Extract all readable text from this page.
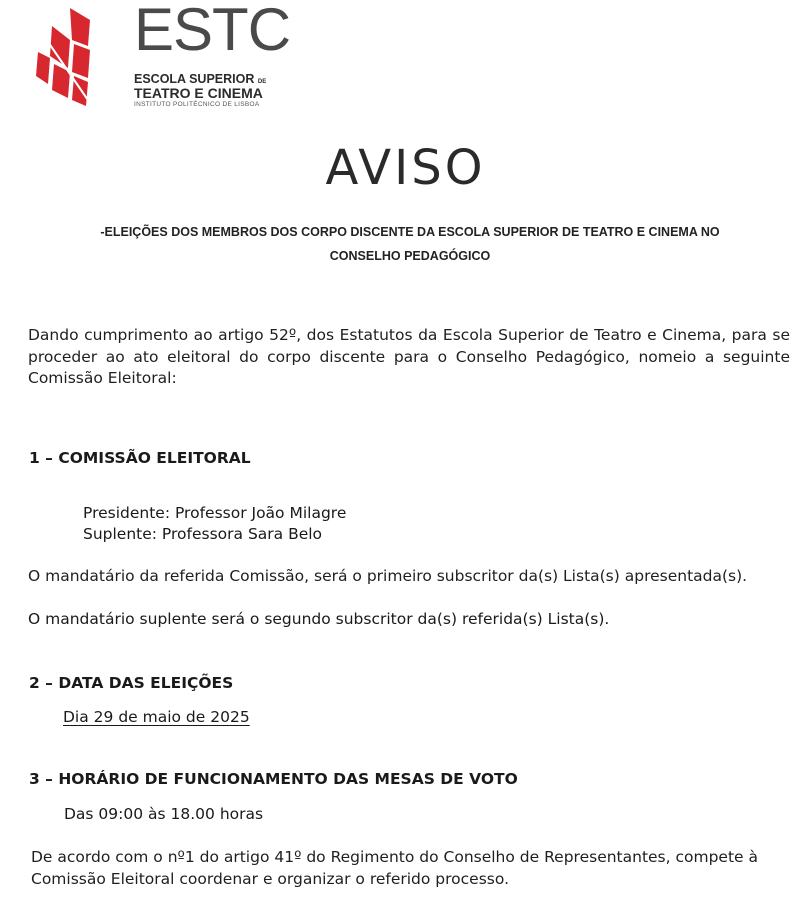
ESTC
ESCOLA SUPERIOR DE
TEATRO E CINEMA
INSTITUTO POLITÉCNICO DE LISBOA
AVISO
-ELEIÇÕES DOS MEMBROS DOS CORPO DISCENTE DA ESCOLA SUPERIOR DE TEATRO E CINEMA NO
CONSELHO PEDAGÓGICO
Dando cumprimento ao artigo 52º, dos Estatutos da Escola Superior de Teatro e Cinema, para se proceder ao ato eleitoral do corpo discente para o Conselho Pedagógico, nomeio a seguinte Comissão Eleitoral:
1 – COMISSÃO ELEITORAL
Presidente: Professor João Milagre
Suplente: Professora Sara Belo
O mandatário da referida Comissão, será o primeiro subscritor da(s) Lista(s) apresentada(s).
O mandatário suplente será o segundo subscritor da(s) referida(s) Lista(s).
2 – DATA DAS ELEIÇÕES
Dia 29 de maio de 2025
3 – HORÁRIO DE FUNCIONAMENTO DAS MESAS DE VOTO
Das 09:00 às 18.00 horas
De acordo com o nº1 do artigo 41º do Regimento do Conselho de Representantes, compete à Comissão Eleitoral coordenar e organizar o referido processo.
